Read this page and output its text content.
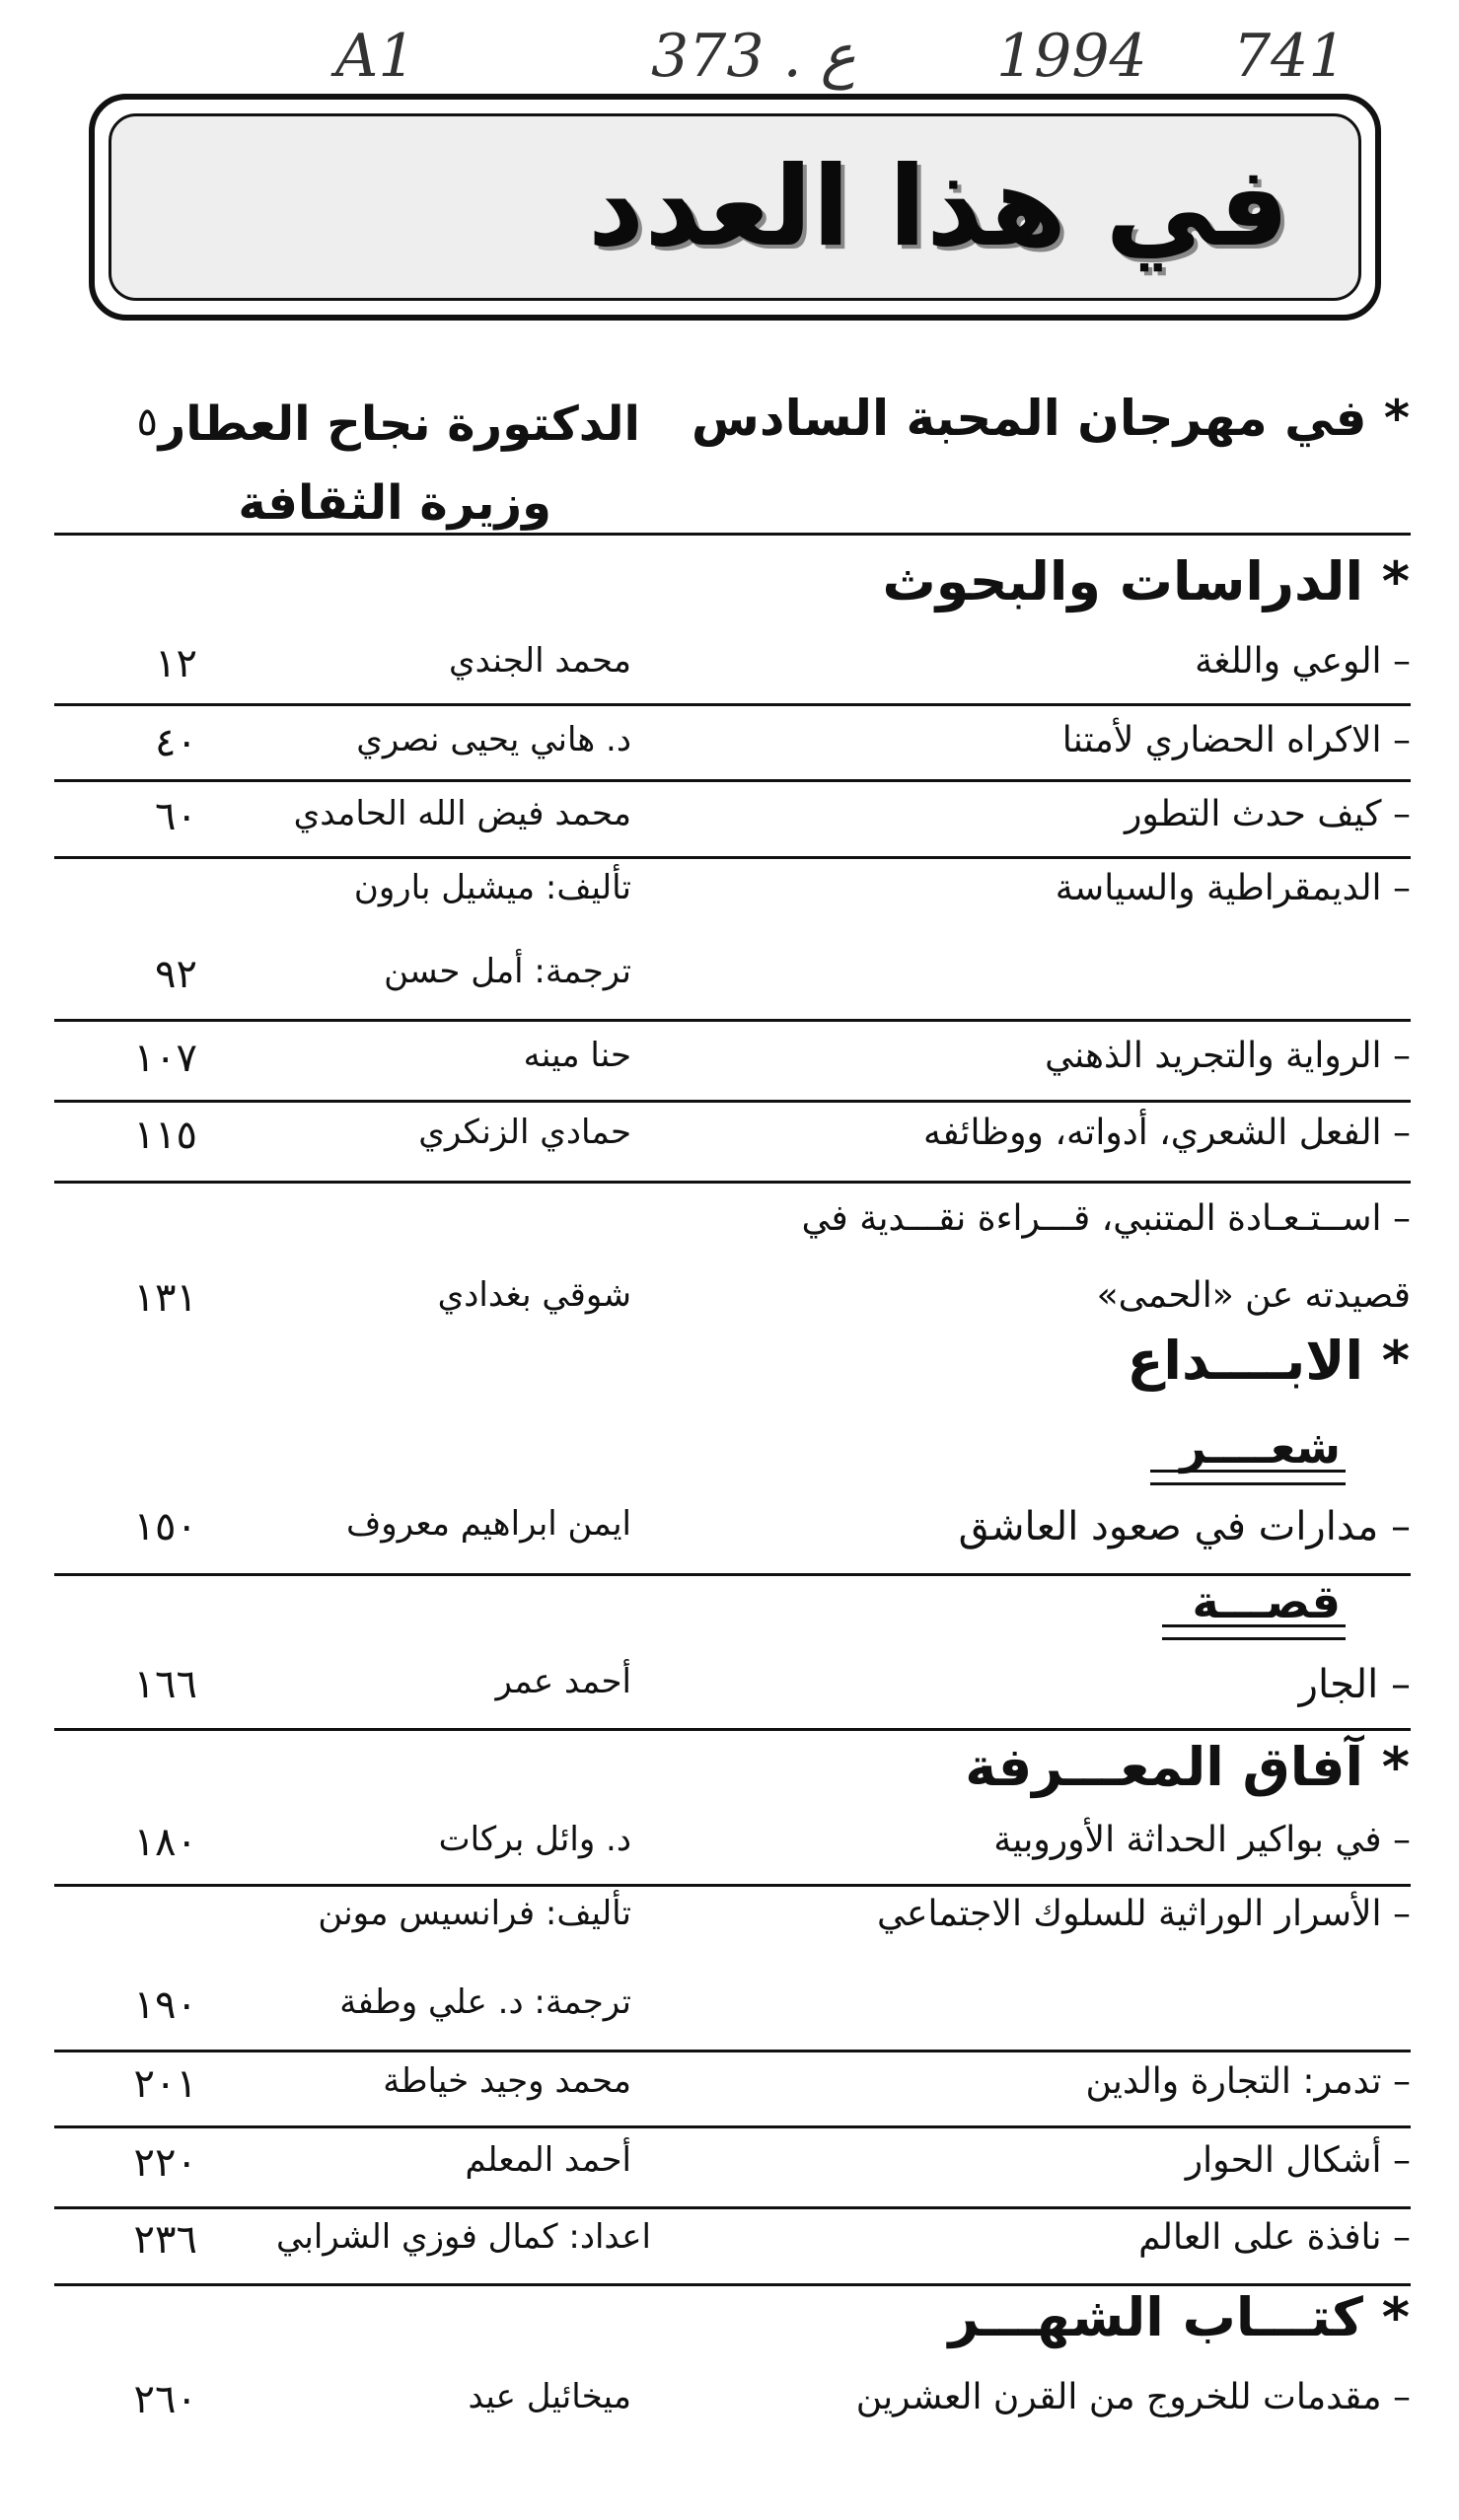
A1	373 . ع 1994 741
في هذا العدد
* في مهرجان المحبة السادس
الدكتورة نجاح العطار
وزيرة الثقافة
٥
* الدراسات والبحوث
– الوعي واللغة
محمد الجندي
١٢
– الاكراه الحضاري لأمتنا
د. هاني يحيى نصري
٤٠
– كيف حدث التطور
محمد فيض الله الحامدي
٦٠
– الديمقراطية والسياسة
تأليف: ميشيل بارون
ترجمة: أمل حسن
٩٢
– الرواية والتجريد الذهني
حنا مينه
١٠٧
– الفعل الشعري، أدواته، ووظائفه
حمادي الزنكري
١١٥
– اســتـعـادة المتنبي، قـــراءة نقـــدية في
قصيدته عن «الحمى»
شوقي بغدادي
١٣١
* الابــــداع
شعــــر
– مدارات في صعود العاشق
ايمن ابراهيم معروف
١٥٠
قصـــة
– الجار
أحمد عمر
١٦٦
* آفاق المعـــرفة
– في بواكير الحداثة الأوروبية
د. وائل بركات
١٨٠
– الأسرار الوراثية للسلوك الاجتماعي
تأليف: فرانسيس مونن
ترجمة: د. علي وطفة
١٩٠
– تدمر: التجارة والدين
محمد وجيد خياطة
٢٠١
– أشكال الحوار
أحمد المعلم
٢٢٠
– نافذة على العالم
اعداد: كمال فوزي الشرابي
٢٣٦
* كتـــاب الشهـــر
– مقدمات للخروج من القرن العشرين
ميخائيل عيد
٢٦٠
